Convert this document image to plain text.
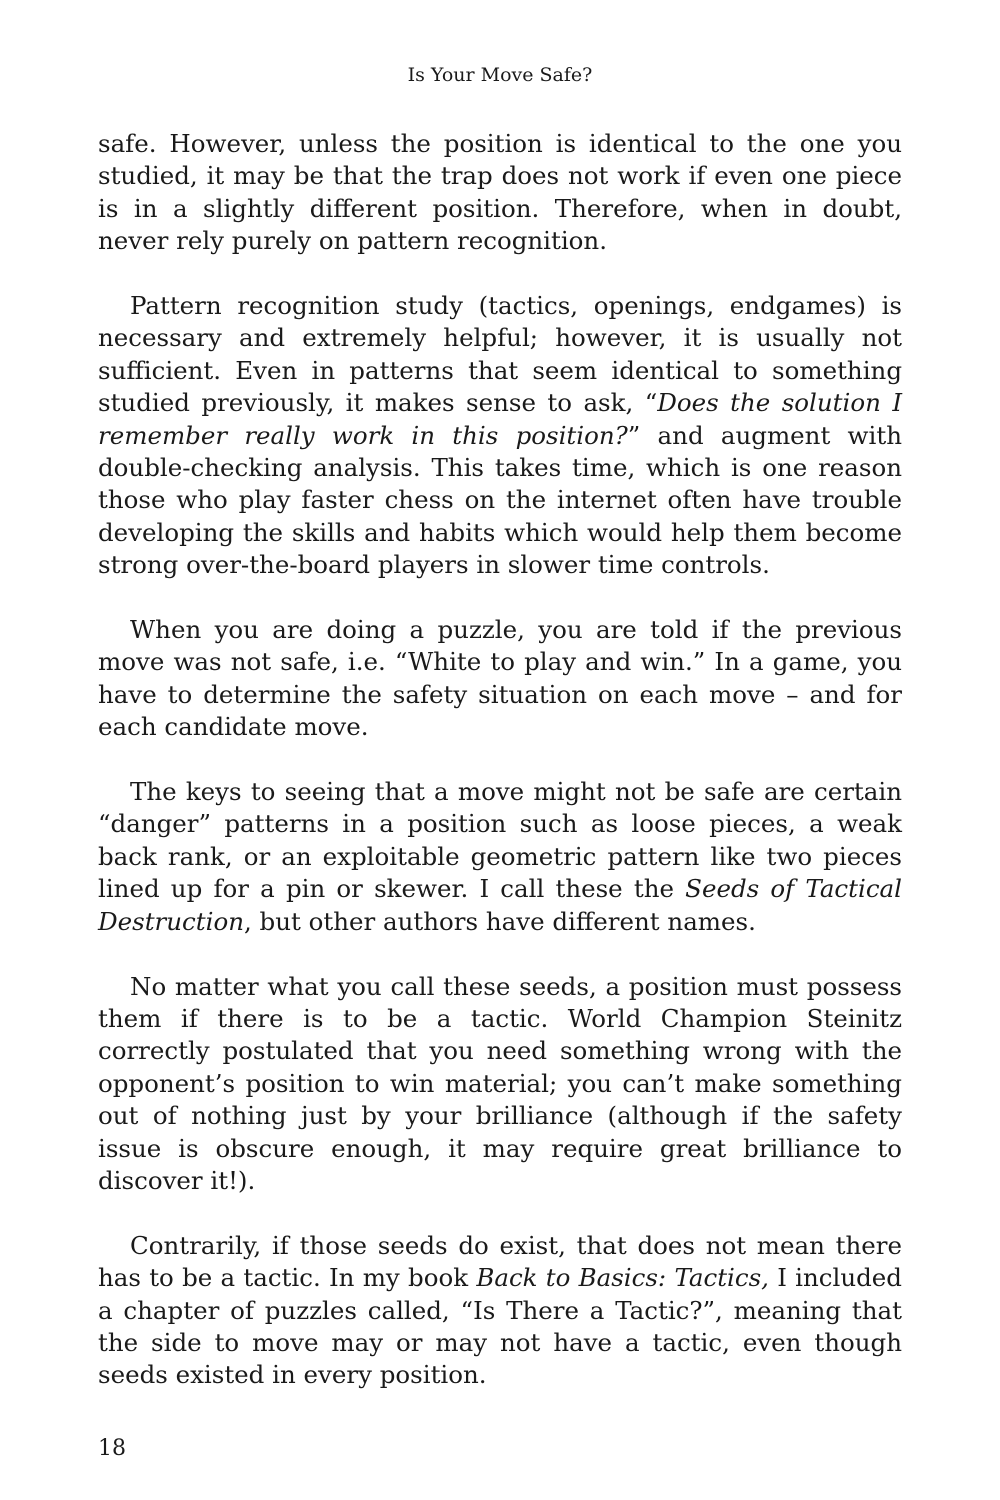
Is Your Move Safe?

safe. However, unless the position is identical to the one you studied, it may be that the trap does not work if even one piece is in a slightly different position. Therefore, when in doubt, never rely purely on pattern recognition.

Pattern recognition study (tactics, openings, endgames) is necessary and extremely helpful; however, it is usually not sufficient. Even in patterns that seem identical to something studied previously, it makes sense to ask, “Does the solution I remember really work in this position?” and augment with double-checking analysis. This takes time, which is one reason those who play faster chess on the internet often have trouble developing the skills and habits which would help them become strong over-the-board players in slower time controls.

When you are doing a puzzle, you are told if the previous move was not safe, i.e. “White to play and win.” In a game, you have to determine the safety situation on each move – and for each candidate move.

The keys to seeing that a move might not be safe are certain “danger” patterns in a position such as loose pieces, a weak back rank, or an exploitable geometric pattern like two pieces lined up for a pin or skewer. I call these the Seeds of Tactical Destruction, but other authors have different names.

No matter what you call these seeds, a position must possess them if there is to be a tactic. World Champion Steinitz correctly postulated that you need something wrong with the opponent’s position to win material; you can’t make something out of nothing just by your brilliance (although if the safety issue is obscure enough, it may require great brilliance to discover it!).

Contrarily, if those seeds do exist, that does not mean there has to be a tactic. In my book Back to Basics: Tactics, I included a chapter of puzzles called, “Is There a Tactic?”, meaning that the side to move may or may not have a tactic, even though seeds existed in every position.

18
